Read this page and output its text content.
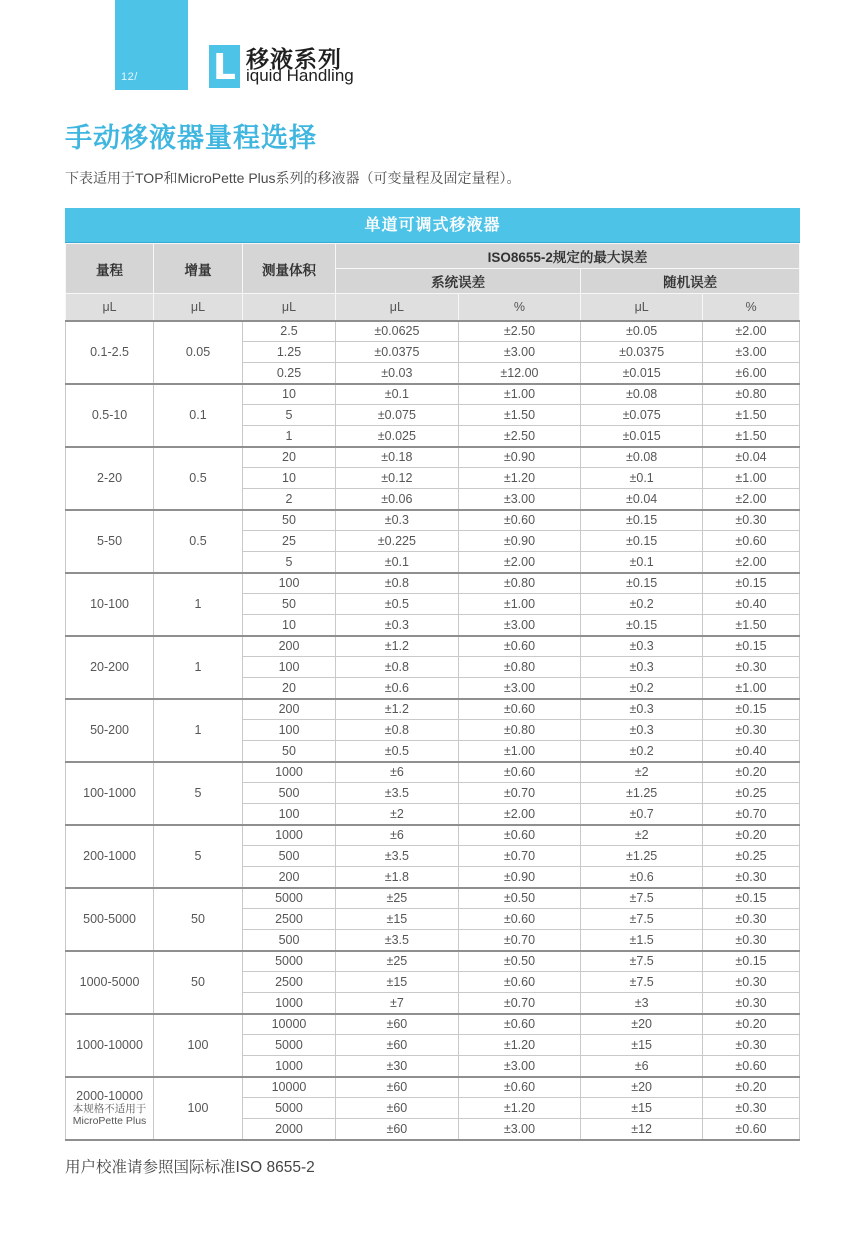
12/ L 移液系列
iquid Handling
手动移液器量程选择

下表适用于TOP和MicroPette Plus系列的移液器（可变量程及固定量程）。

单道可调式移液器
量程	增量	测量体积	ISO8655-2规定的最大误差			
			系统误差		随机误差	
μL	μL	μL	μL	%	μL	%

0.1-2.5	0.05	2.5	±0.0625	±2.50	±0.05	±2.00
		1.25	±0.0375	±3.00	±0.0375	±3.00
		0.25	±0.03	±12.00	±0.015	±6.00

0.5-10	0.1	10	±0.1	±1.00	±0.08	±0.80
		5	±0.075	±1.50	±0.075	±1.50
		1	±0.025	±2.50	±0.015	±1.50

2-20	0.5	20	±0.18	±0.90	±0.08	±0.04
		10	±0.12	±1.20	±0.1	±1.00
		2	±0.06	±3.00	±0.04	±2.00

5-50	0.5	50	±0.3	±0.60	±0.15	±0.30
		25	±0.225	±0.90	±0.15	±0.60
		5	±0.1	±2.00	±0.1	±2.00

10-100	1	100	±0.8	±0.80	±0.15	±0.15
		50	±0.5	±1.00	±0.2	±0.40
		10	±0.3	±3.00	±0.15	±1.50

20-200	1	200	±1.2	±0.60	±0.3	±0.15
		100	±0.8	±0.80	±0.3	±0.30
		20	±0.6	±3.00	±0.2	±1.00

50-200	1	200	±1.2	±0.60	±0.3	±0.15
		100	±0.8	±0.80	±0.3	±0.30
		50	±0.5	±1.00	±0.2	±0.40

100-1000	5	1000	±6	±0.60	±2	±0.20
		500	±3.5	±0.70	±1.25	±0.25
		100	±2	±2.00	±0.7	±0.70

200-1000	5	1000	±6	±0.60	±2	±0.20
		500	±3.5	±0.70	±1.25	±0.25
		200	±1.8	±0.90	±0.6	±0.30

500-5000	50	5000	±25	±0.50	±7.5	±0.15
		2500	±15	±0.60	±7.5	±0.30
		500	±3.5	±0.70	±1.5	±0.30

1000-5000	50	5000	±25	±0.50	±7.5	±0.15
		2500	±15	±0.60	±7.5	±0.30
		1000	±7	±0.70	±3	±0.30

1000-10000	100	10000	±60	±0.60	±20	±0.20
		5000	±60	±1.20	±15	±0.30
		1000	±30	±3.00	±6	±0.60

2000-10000
本规格不适用于
MicroPette Plus	100	10000	±60	±0.60	±20	±0.20
		5000	±60	±1.20	±15	±0.30
		2000	±60	±3.00	±12	±0.60

用户校准请参照国际标准ISO 8655-2
